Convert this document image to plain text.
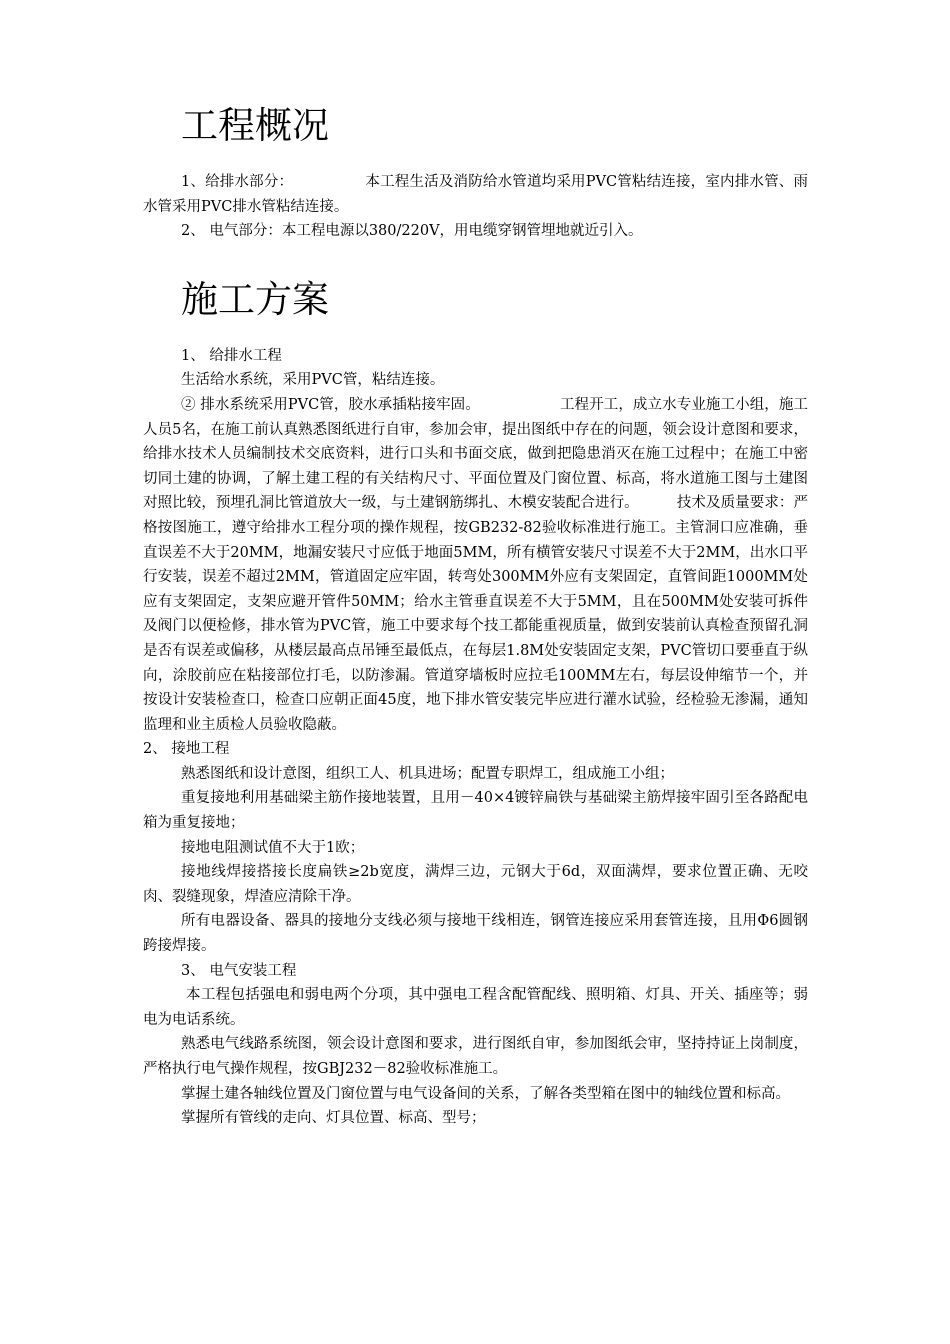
工程概况

1、给排水部分：	本工程生活及消防给水管道均采用PVC管粘结连接，室内排水管、雨水管采用PVC排水管粘结连接。

2、 电气部分：本工程电源以380/220V，用电缆穿钢管埋地就近引入。

施工方案

1、 给排水工程

生活给水系统，采用PVC管，粘结连接。

② 排水系统采用PVC管，胶水承插粘接牢固。	工程开工，成立水专业施工小组，施工人员5名，在施工前认真熟悉图纸进行自审，参加会审，提出图纸中存在的问题，领会设计意图和要求，给排水技术人员编制技术交底资料，进行口头和书面交底，做到把隐患消灭在施工过程中；在施工中密切同土建的协调，了解土建工程的有关结构尺寸、平面位置及门窗位置、标高，将水道施工图与土建图对照比较，预埋孔洞比管道放大一级，与土建钢筋绑扎、木模安装配合进行。	技术及质量要求：严格按图施工，遵守给排水工程分项的操作规程，按GB232-82验收标准进行施工。主管洞口应准确，垂直误差不大于20MM，地漏安装尺寸应低于地面5MM，所有横管安装尺寸误差不大于2MM，出水口平行安装，误差不超过2MM，管道固定应牢固，转弯处300MM外应有支架固定，直管间距1000MM处应有支架固定，支架应避开管件50MM；给水主管垂直误差不大于5MM，且在500MM处安装可拆件及阀门以便检修，排水管为PVC管，施工中要求每个技工都能重视质量，做到安装前认真检查预留孔洞是否有误差或偏移，从楼层最高点吊锤至最低点，在每层1.8M处安装固定支架，PVC管切口要垂直于纵向，涂胶前应在粘接部位打毛，以防渗漏。管道穿墙板时应拉毛100MM左右，每层设伸缩节一个，并按设计安装检查口，检查口应朝正面45度，地下排水管安装完毕应进行灌水试验，经检验无渗漏，通知监理和业主质检人员验收隐蔽。

2、 接地工程

熟悉图纸和设计意图，组织工人、机具进场；配置专职焊工，组成施工小组；

重复接地利用基础梁主筋作接地装置，且用－40×4镀锌扁铁与基础梁主筋焊接牢固引至各路配电箱为重复接地；

接地电阻测试值不大于1欧；

接地线焊接搭接长度扁铁≥2b宽度，满焊三边，元钢大于6d，双面满焊，要求位置正确、无咬肉、裂缝现象，焊渣应清除干净。

所有电器设备、器具的接地分支线必须与接地干线相连，钢管连接应采用套管连接，且用Φ6圆钢跨接焊接。

3、 电气安装工程

本工程包括强电和弱电两个分项，其中强电工程含配管配线、照明箱、灯具、开关、插座等；弱电为电话系统。

熟悉电气线路系统图，领会设计意图和要求，进行图纸自审，参加图纸会审，坚持持证上岗制度，严格执行电气操作规程，按GBJ232－82验收标准施工。

掌握土建各轴线位置及门窗位置与电气设备间的关系，了解各类型箱在图中的轴线位置和标高。

掌握所有管线的走向、灯具位置、标高、型号；
